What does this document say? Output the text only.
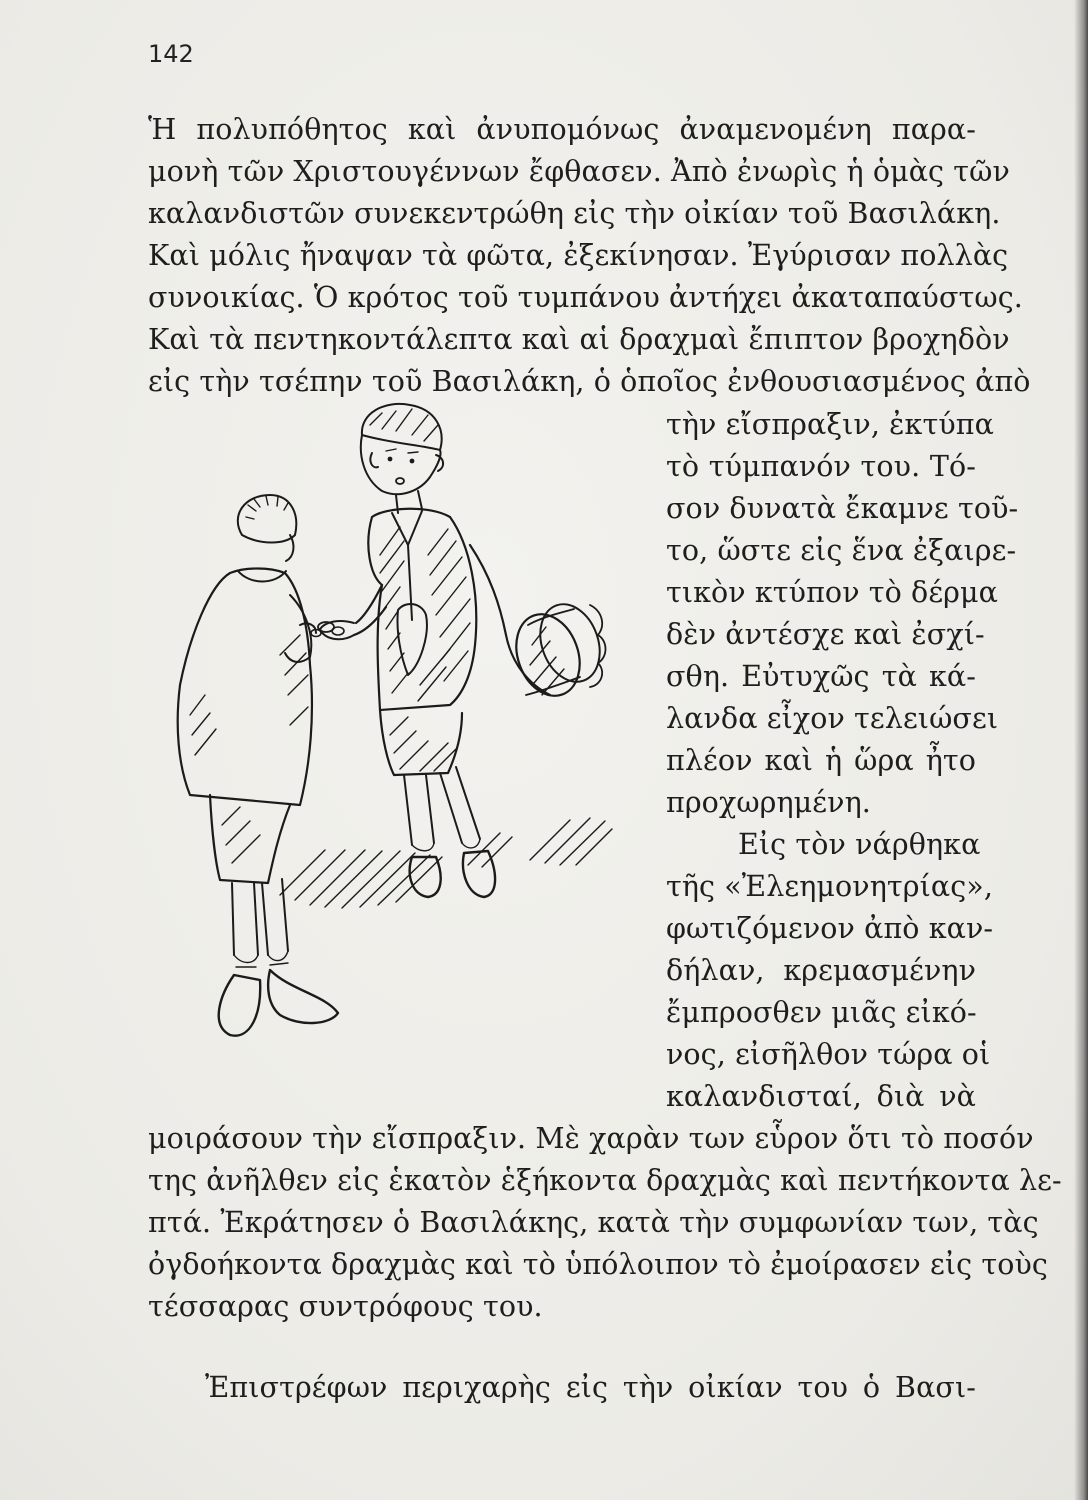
142
Ἡ πολυπόθητος καὶ ἀνυπομόνως ἀναμενομένη παρα-
μονὴ τῶν Χριστουγέννων ἔφθασεν. Ἀπὸ ἐνωρὶς ἡ ὁμὰς τῶν
καλανδιστῶν συνεκεντρώθη εἰς τὴν οἰκίαν τοῦ Βασιλάκη.
Καὶ μόλις ἤναψαν τὰ φῶτα, ἐξεκίνησαν. Ἐγύρισαν πολλὰς
συνοικίας. Ὁ κρότος τοῦ τυμπάνου ἀντήχει ἀκαταπαύστως.
Καὶ τὰ πεντηκοντάλεπτα καὶ αἱ δραχμαὶ ἔπιπτον βροχηδὸν
εἰς τὴν τσέπην τοῦ Βασιλάκη, ὁ ὁποῖος ἐνθουσιασμένος ἀπὸ
τὴν εἴσπραξιν, ἐκτύπα
τὸ τύμπανόν του. Τό-
σον δυνατὰ ἔκαμνε τοῦ-
το, ὥστε εἰς ἕνα ἐξαιρε-
τικὸν κτύπον τὸ δέρμα
δὲν ἀντέσχε καὶ ἐσχί-
σθη. Εὐτυχῶς τὰ κά-
λανδα εἶχον τελειώσει
πλέον καὶ ἡ ὥρα ἦτο
προχωρημένη.
Εἰς τὸν νάρθηκα
τῆς «Ἐλεημονητρίας»,
φωτιζόμενον ἀπὸ καν-
δήλαν, κρεμασμένην
ἔμπροσθεν μιᾶς εἰκό-
νος, εἰσῆλθον τώρα οἱ
καλανδισταί, διὰ νὰ
μοιράσουν τὴν εἴσπραξιν. Μὲ χαρὰν των εὗρον ὅτι τὸ ποσόν
της ἀνῆλθεν εἰς ἑκατὸν ἑξήκοντα δραχμὰς καὶ πεντήκοντα λε-
πτά. Ἐκράτησεν ὁ Βασιλάκης, κατὰ τὴν συμφωνίαν των, τὰς
ὀγδοήκοντα δραχμὰς καὶ τὸ ὑπόλοιπον τὸ ἐμοίρασεν εἰς τοὺς
τέσσαρας συντρόφους του.
Ἐπιστρέφων περιχαρὴς εἰς τὴν οἰκίαν του ὁ Βασι-
